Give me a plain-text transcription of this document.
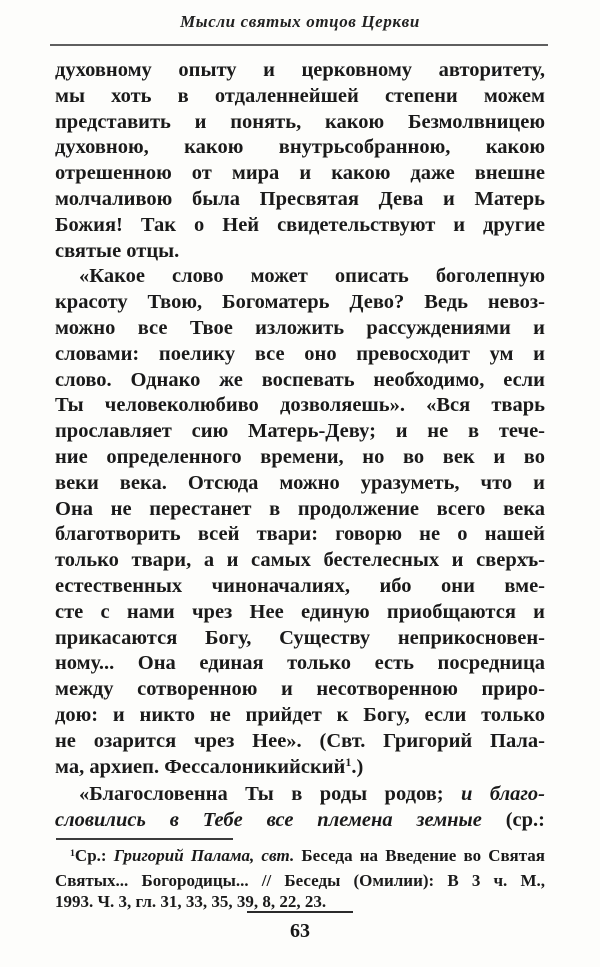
Мысли святых отцов Церкви
духовному опыту и церковному авторитету,
мы хоть в отдаленнейшей степени можем
представить и понять, какою Безмолвницею
духовною, какою внутрьсобранною, какою
отрешенною от мира и какою даже внешне
молчаливою была Пресвятая Дева и Матерь
Божия! Так о Ней свидетельствуют и другие
святые отцы.
«Какое слово может описать боголепную
красоту Твою, Богоматерь Дево? Ведь невоз-
можно все Твое изложить рассуждениями и
словами: поелику все оно превосходит ум и
слово. Однако же воспевать необходимо, если
Ты человеколюбиво дозволяешь». «Вся тварь
прославляет сию Матерь-Деву; и не в тече-
ние определенного времени, но во век и во
веки века. Отсюда можно уразуметь, что и
Она не перестанет в продолжение всего века
благотворить всей твари: говорю не о нашей
только твари, а и самых бестелесных и сверхъ-
естественных чиноначалиях, ибо они вме-
сте с нами чрез Нее единую приобщаются и
прикасаются Богу, Существу неприкосновен-
ному... Она единая только есть посредница
между сотворенною и несотворенною приро-
дою: и никто не прийдет к Богу, если только
не озарится чрез Нее». (Свт. Григорий Пала-
ма, архиеп. Фессалоникийский$^1$.)
«Благословенна Ты в роды родов; и благо-
словились в Тебе все племена земные (ср.:
$^1$Ср.: Григорий Палама, свт. Беседа на Введение во Святая
Святых... Богородицы... // Беседы (Омилии): В 3 ч. М.,
1993. Ч. 3, гл. 31, 33, 35, 39, 8, 22, 23.
63
